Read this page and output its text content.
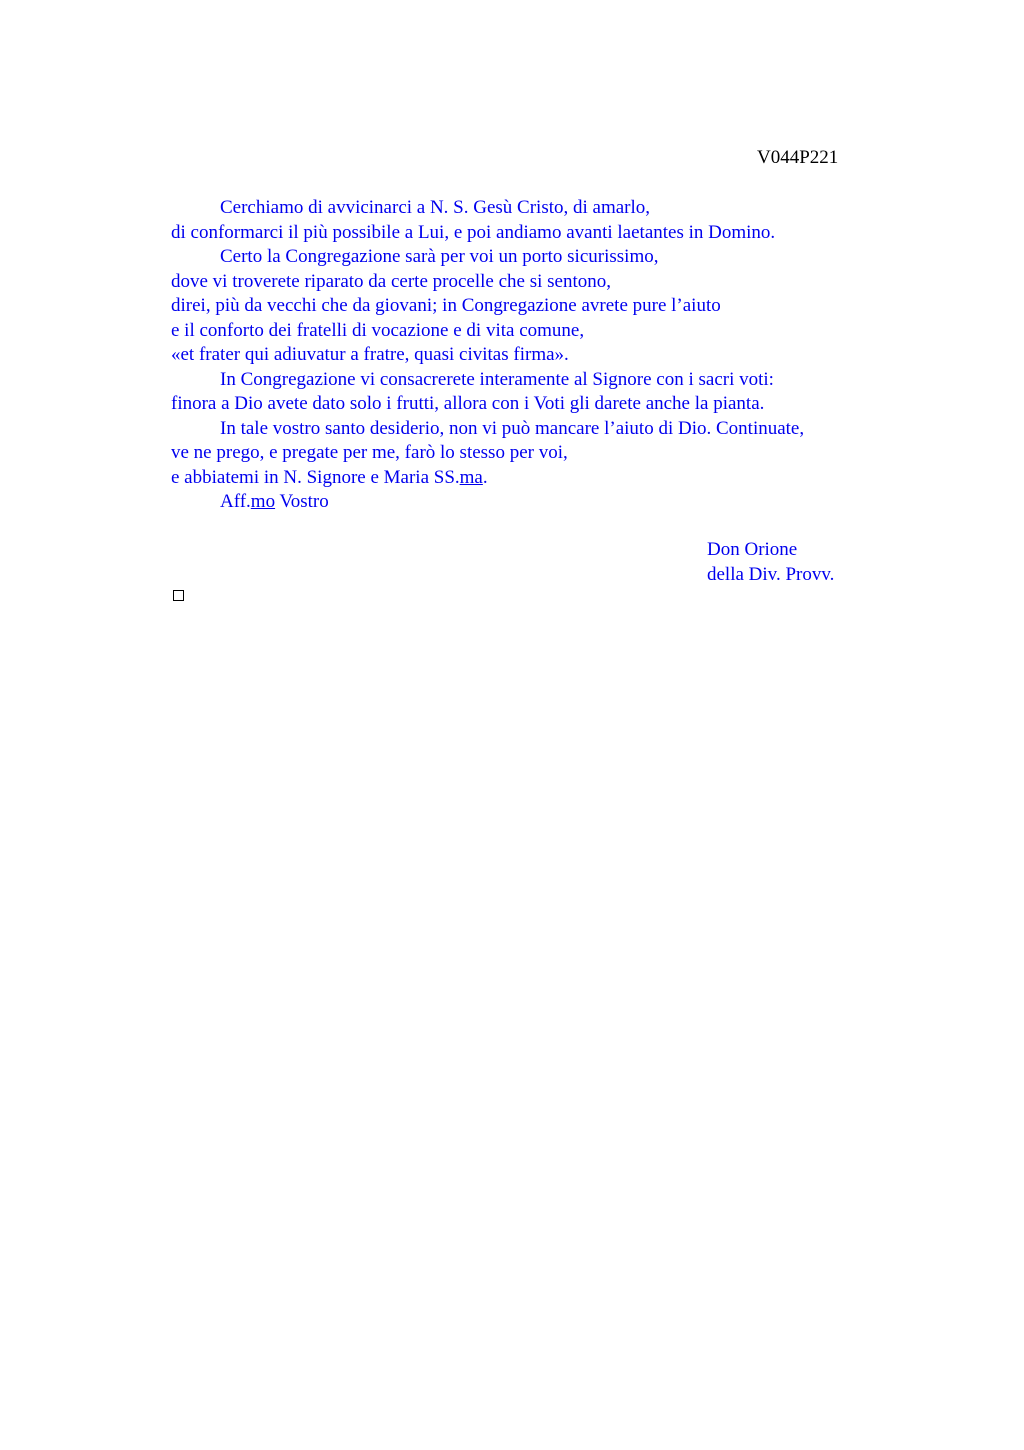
V044P221
Cerchiamo di avvicinarci a N. S. Gesù Cristo, di amarlo,
di conformarci il più possibile a Lui, e poi andiamo avanti laetantes in Domino.
Certo la Congregazione sarà per voi un porto sicurissimo,
dove vi troverete riparato da certe procelle che si sentono,
direi, più da vecchi che da giovani; in Congregazione avrete pure l’aiuto
e il conforto dei fratelli di vocazione e di vita comune,
«et frater qui adiuvatur a fratre, quasi civitas firma».
In Congregazione vi consacrerete interamente al Signore con i sacri voti:
finora a Dio avete dato solo i frutti, allora con i Voti gli darete anche la pianta.
In tale vostro santo desiderio, non vi può mancare l’aiuto di Dio. Continuate,
ve ne prego, e pregate per me, farò lo stesso per voi,
e abbiatemi in N. Signore e Maria SS.ma.
Aff.mo Vostro
Don Orione
della Div. Provv.
